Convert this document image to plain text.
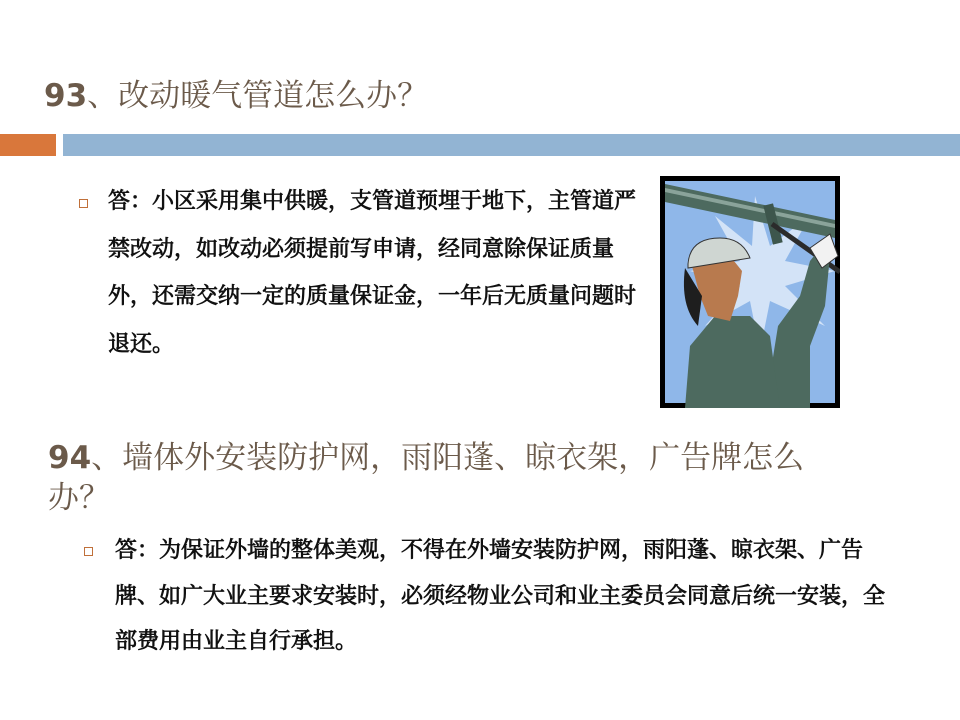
93、改动暖气管道怎么办？

答：小区采用集中供暖，支管道预埋于地下，主管道严禁改动，如改动必须提前写申请，经同意除保证质量外，还需交纳一定的质量保证金，一年后无质量问题时退还。

94、墙体外安装防护网，雨阳蓬、晾衣架，广告牌怎么办？

答：为保证外墙的整体美观，不得在外墙安装防护网，雨阳蓬、晾衣架、广告牌、如广大业主要求安装时，必须经物业公司和业主委员会同意后统一安装，全部费用由业主自行承担。
